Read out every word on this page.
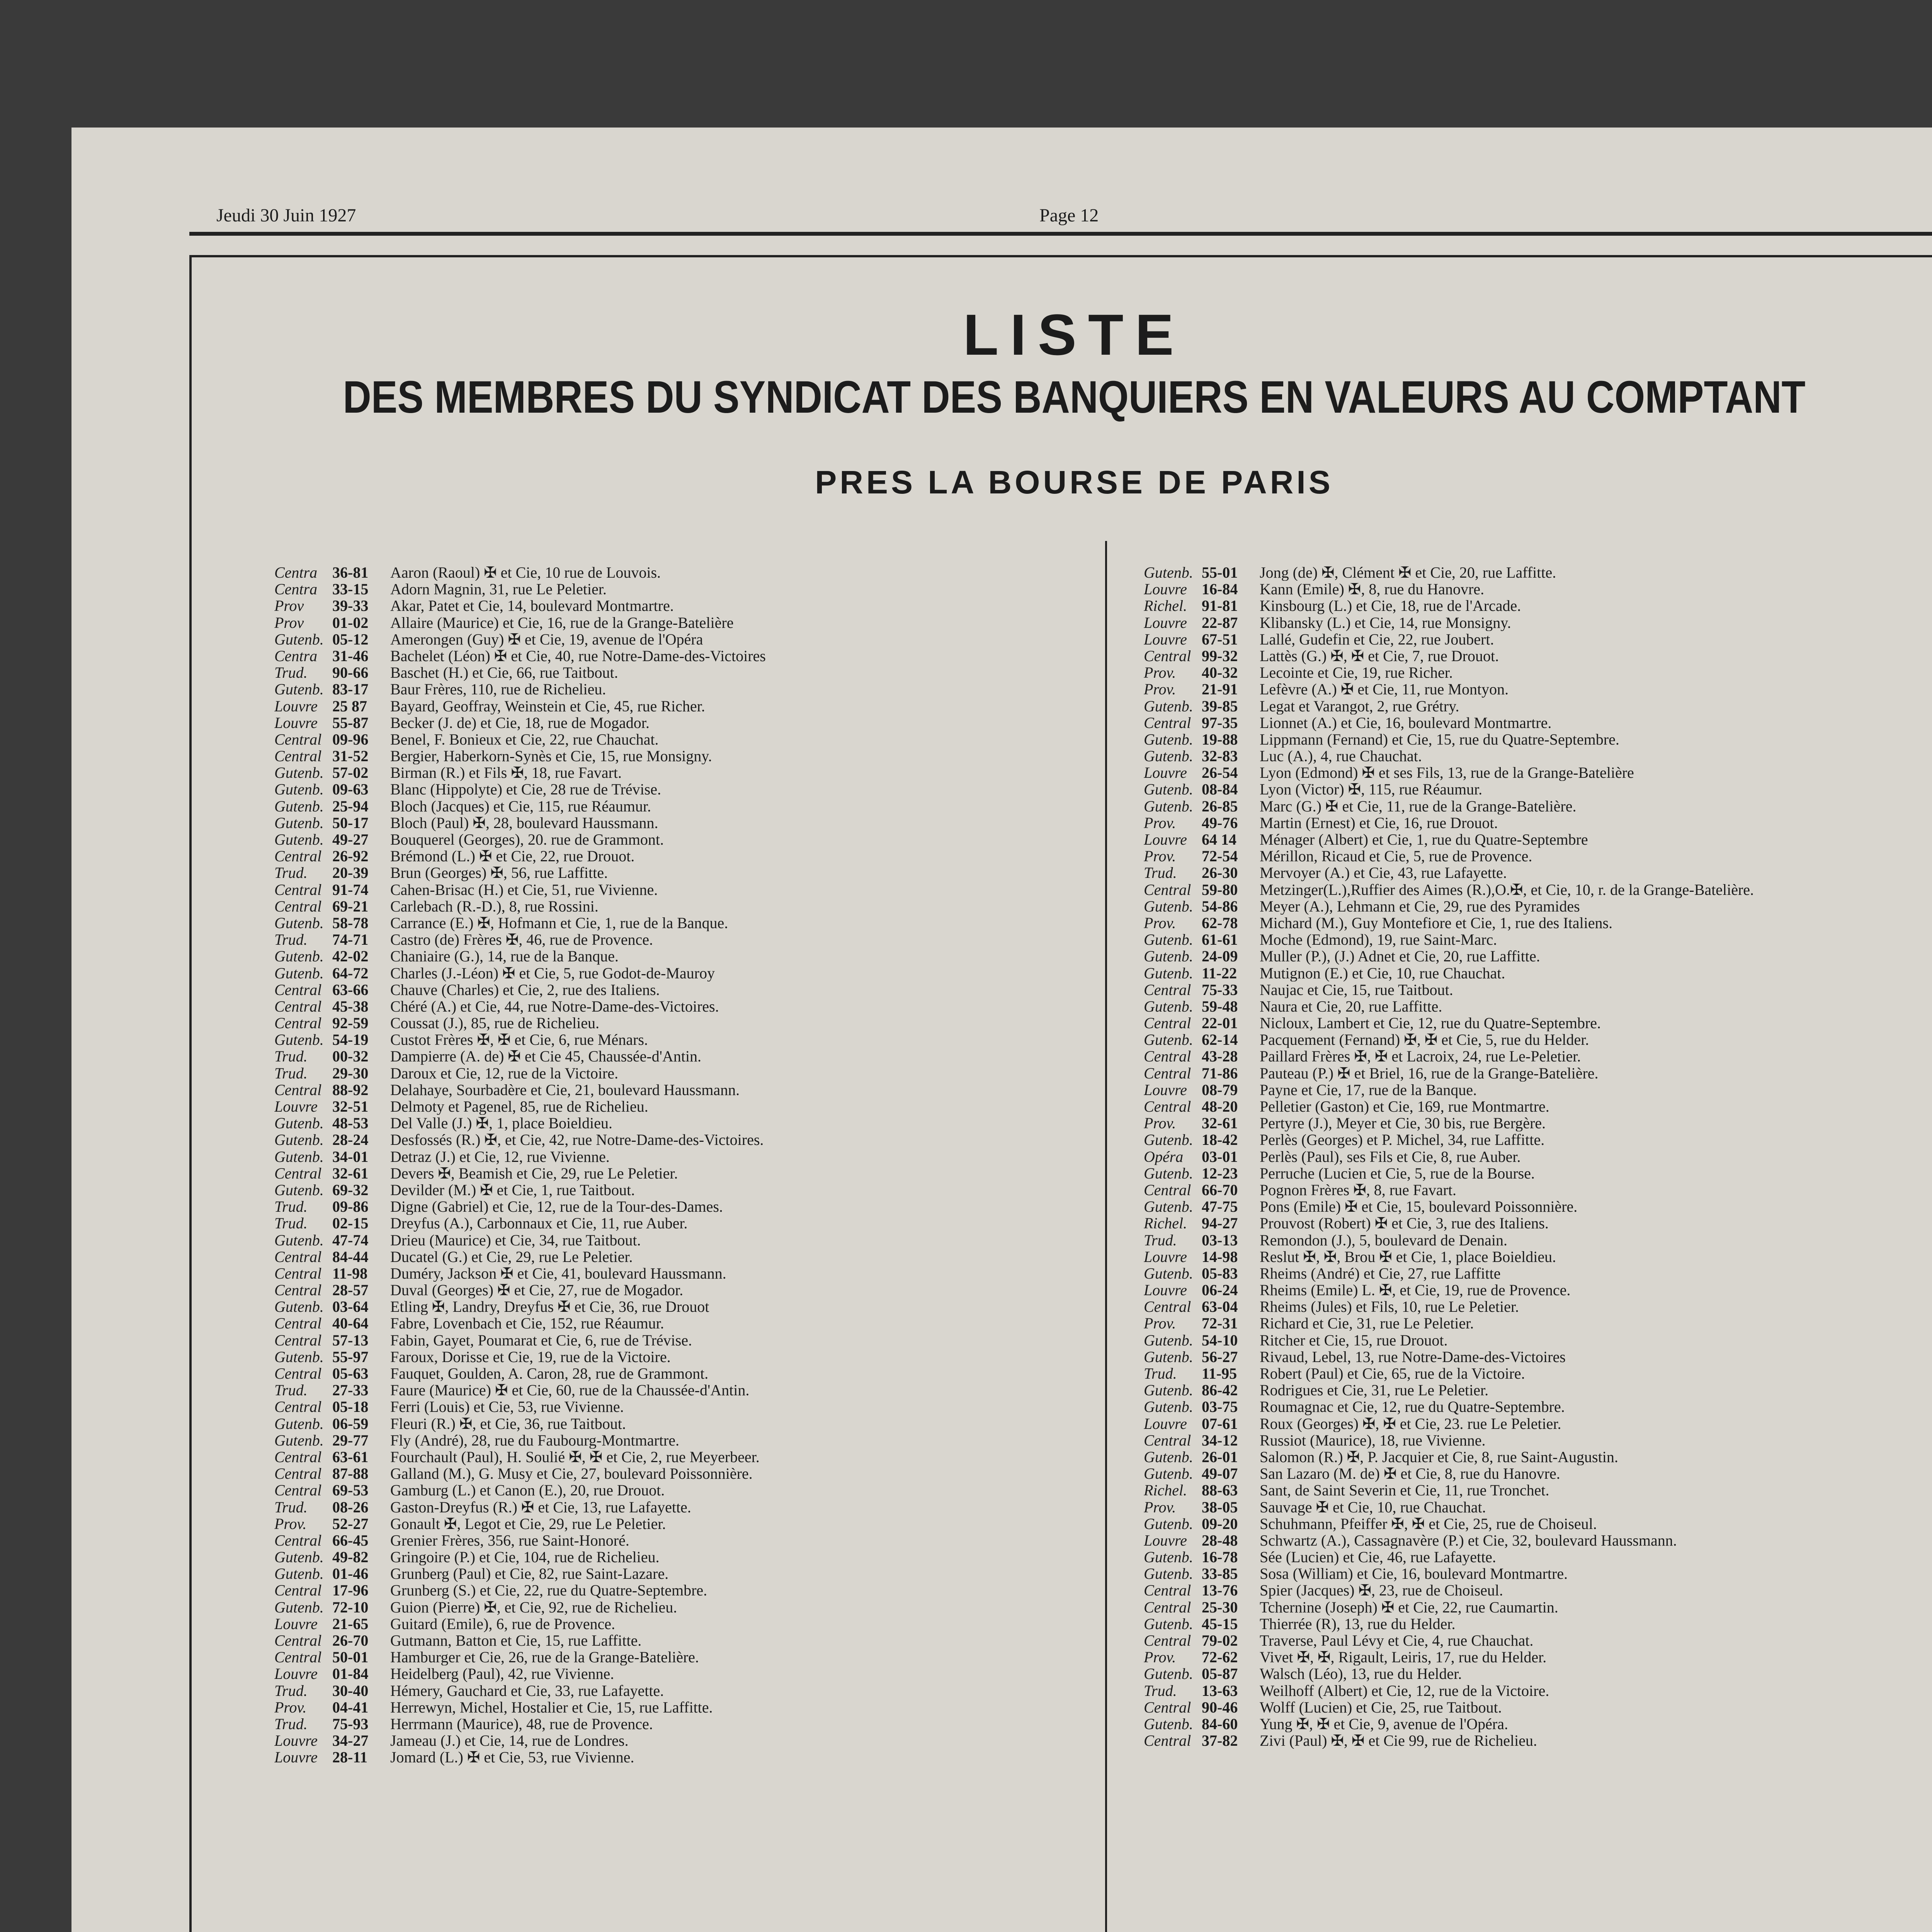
Jeudi 30 Juin 1927	Page 12
LISTE
DES MEMBRES DU SYNDICAT DES BANQUIERS EN VALEURS AU COMPTANT
PRES LA BOURSE DE PARIS
Centra 36-81 Aaron (Raoul) ✠ et Cie, 10 rue de Louvois.
Centra 33-15 Adorn Magnin, 31, rue Le Peletier.
Prov 39-33 Akar, Patet et Cie, 14, boulevard Montmartre.
Prov 01-02 Allaire (Maurice) et Cie, 16, rue de la Grange-Batelière
Gutenb. 05-12 Amerongen (Guy) ✠ et Cie, 19, avenue de l'Opéra
Centra 31-46 Bachelet (Léon) ✠ et Cie, 40, rue Notre-Dame-des-Victoires
Trud. 90-66 Baschet (H.) et Cie, 66, rue Taitbout.
Gutenb. 83-17 Baur Frères, 110, rue de Richelieu.
Louvre 25 87 Bayard, Geoffray, Weinstein et Cie, 45, rue Richer.
Louvre 55-87 Becker (J. de) et Cie, 18, rue de Mogador.
Central 09-96 Benel, F. Bonieux et Cie, 22, rue Chauchat.
Central 31-52 Bergier, Haberkorn-Synès et Cie, 15, rue Monsigny.
Gutenb. 57-02 Birman (R.) et Fils ✠, 18, rue Favart.
Gutenb. 09-63 Blanc (Hippolyte) et Cie, 28 rue de Trévise.
Gutenb. 25-94 Bloch (Jacques) et Cie, 115, rue Réaumur.
Gutenb. 50-17 Bloch (Paul) ✠, 28, boulevard Haussmann.
Gutenb. 49-27 Bouquerel (Georges), 20. rue de Grammont.
Central 26-92 Brémond (L.) ✠ et Cie, 22, rue Drouot.
Trud. 20-39 Brun (Georges) ✠, 56, rue Laffitte.
Central 91-74 Cahen-Brisac (H.) et Cie, 51, rue Vivienne.
Central 69-21 Carlebach (R.-D.), 8, rue Rossini.
Gutenb. 58-78 Carrance (E.) ✠, Hofmann et Cie, 1, rue de la Banque.
Trud. 74-71 Castro (de) Frères ✠, 46, rue de Provence.
Gutenb. 42-02 Chaniaire (G.), 14, rue de la Banque.
Gutenb. 64-72 Charles (J.-Léon) ✠ et Cie, 5, rue Godot-de-Mauroy
Central 63-66 Chauve (Charles) et Cie, 2, rue des Italiens.
Central 45-38 Chéré (A.) et Cie, 44, rue Notre-Dame-des-Victoires.
Central 92-59 Coussat (J.), 85, rue de Richelieu.
Gutenb. 54-19 Custot Frères ✠, ✠ et Cie, 6, rue Ménars.
Trud. 00-32 Dampierre (A. de) ✠ et Cie 45, Chaussée-d'Antin.
Trud. 29-30 Daroux et Cie, 12, rue de la Victoire.
Central 88-92 Delahaye, Sourbadère et Cie, 21, boulevard Haussmann.
Louvre 32-51 Delmoty et Pagenel, 85, rue de Richelieu.
Gutenb. 48-53 Del Valle (J.) ✠, 1, place Boieldieu.
Gutenb. 28-24 Desfossés (R.) ✠, et Cie, 42, rue Notre-Dame-des-Victoires.
Gutenb. 34-01 Detraz (J.) et Cie, 12, rue Vivienne.
Central 32-61 Devers ✠, Beamish et Cie, 29, rue Le Peletier.
Gutenb. 69-32 Devilder (M.) ✠ et Cie, 1, rue Taitbout.
Trud. 09-86 Digne (Gabriel) et Cie, 12, rue de la Tour-des-Dames.
Trud. 02-15 Dreyfus (A.), Carbonnaux et Cie, 11, rue Auber.
Gutenb. 47-74 Drieu (Maurice) et Cie, 34, rue Taitbout.
Central 84-44 Ducatel (G.) et Cie, 29, rue Le Peletier.
Central 11-98 Duméry, Jackson ✠ et Cie, 41, boulevard Haussmann.
Central 28-57 Duval (Georges) ✠ et Cie, 27, rue de Mogador.
Gutenb. 03-64 Etling ✠, Landry, Dreyfus ✠ et Cie, 36, rue Drouot
Central 40-64 Fabre, Lovenbach et Cie, 152, rue Réaumur.
Central 57-13 Fabin, Gayet, Poumarat et Cie, 6, rue de Trévise.
Gutenb. 55-97 Faroux, Dorisse et Cie, 19, rue de la Victoire.
Central 05-63 Fauquet, Goulden, A. Caron, 28, rue de Grammont.
Trud. 27-33 Faure (Maurice) ✠ et Cie, 60, rue de la Chaussée-d'Antin.
Central 05-18 Ferri (Louis) et Cie, 53, rue Vivienne.
Gutenb. 06-59 Fleuri (R.) ✠, et Cie, 36, rue Taitbout.
Gutenb. 29-77 Fly (André), 28, rue du Faubourg-Montmartre.
Central 63-61 Fourchault (Paul), H. Soulié ✠, ✠ et Cie, 2, rue Meyerbeer.
Central 87-88 Galland (M.), G. Musy et Cie, 27, boulevard Poissonnière.
Central 69-53 Gamburg (L.) et Canon (E.), 20, rue Drouot.
Trud. 08-26 Gaston-Dreyfus (R.) ✠ et Cie, 13, rue Lafayette.
Prov. 52-27 Gonault ✠, Legot et Cie, 29, rue Le Peletier.
Central 66-45 Grenier Frères, 356, rue Saint-Honoré.
Gutenb. 49-82 Gringoire (P.) et Cie, 104, rue de Richelieu.
Gutenb. 01-46 Grunberg (Paul) et Cie, 82, rue Saint-Lazare.
Central 17-96 Grunberg (S.) et Cie, 22, rue du Quatre-Septembre.
Gutenb. 72-10 Guion (Pierre) ✠, et Cie, 92, rue de Richelieu.
Louvre 21-65 Guitard (Emile), 6, rue de Provence.
Central 26-70 Gutmann, Batton et Cie, 15, rue Laffitte.
Central 50-01 Hamburger et Cie, 26, rue de la Grange-Batelière.
Louvre 01-84 Heidelberg (Paul), 42, rue Vivienne.
Trud. 30-40 Hémery, Gauchard et Cie, 33, rue Lafayette.
Prov. 04-41 Herrewyn, Michel, Hostalier et Cie, 15, rue Laffitte.
Trud. 75-93 Herrmann (Maurice), 48, rue de Provence.
Louvre 34-27 Jameau (J.) et Cie, 14, rue de Londres.
Louvre 28-11 Jomard (L.) ✠ et Cie, 53, rue Vivienne.
Gutenb. 55-01 Jong (de) ✠, Clément ✠ et Cie, 20, rue Laffitte.
Louvre 16-84 Kann (Emile) ✠, 8, rue du Hanovre.
Richel. 91-81 Kinsbourg (L.) et Cie, 18, rue de l'Arcade.
Louvre 22-87 Klibansky (L.) et Cie, 14, rue Monsigny.
Louvre 67-51 Lallé, Gudefin et Cie, 22, rue Joubert.
Central 99-32 Lattès (G.) ✠, ✠ et Cie, 7, rue Drouot.
Prov. 40-32 Lecointe et Cie, 19, rue Richer.
Prov. 21-91 Lefèvre (A.) ✠ et Cie, 11, rue Montyon.
Gutenb. 39-85 Legat et Varangot, 2, rue Grétry.
Central 97-35 Lionnet (A.) et Cie, 16, boulevard Montmartre.
Gutenb. 19-88 Lippmann (Fernand) et Cie, 15, rue du Quatre-Septembre.
Gutenb. 32-83 Luc (A.), 4, rue Chauchat.
Louvre 26-54 Lyon (Edmond) ✠ et ses Fils, 13, rue de la Grange-Batelière
Gutenb. 08-84 Lyon (Victor) ✠, 115, rue Réaumur.
Gutenb. 26-85 Marc (G.) ✠ et Cie, 11, rue de la Grange-Batelière.
Prov. 49-76 Martin (Ernest) et Cie, 16, rue Drouot.
Louvre 64 14 Ménager (Albert) et Cie, 1, rue du Quatre-Septembre
Prov. 72-54 Mérillon, Ricaud et Cie, 5, rue de Provence.
Trud. 26-30 Mervoyer (A.) et Cie, 43, rue Lafayette.
Central 59-80 Metzinger(L.),Ruffier des Aimes (R.),O.✠, et Cie, 10, r. de la Grange-Batelière.
Gutenb. 54-86 Meyer (A.), Lehmann et Cie, 29, rue des Pyramides
Prov. 62-78 Michard (M.), Guy Montefiore et Cie, 1, rue des Italiens.
Gutenb. 61-61 Moche (Edmond), 19, rue Saint-Marc.
Gutenb. 24-09 Muller (P.), (J.) Adnet et Cie, 20, rue Laffitte.
Gutenb. 11-22 Mutignon (E.) et Cie, 10, rue Chauchat.
Central 75-33 Naujac et Cie, 15, rue Taitbout.
Gutenb. 59-48 Naura et Cie, 20, rue Laffitte.
Central 22-01 Nicloux, Lambert et Cie, 12, rue du Quatre-Septembre.
Gutenb. 62-14 Pacquement (Fernand) ✠, ✠ et Cie, 5, rue du Helder.
Central 43-28 Paillard Frères ✠, ✠ et Lacroix, 24, rue Le-Peletier.
Central 71-86 Pauteau (P.) ✠ et Briel, 16, rue de la Grange-Batelière.
Louvre 08-79 Payne et Cie, 17, rue de la Banque.
Central 48-20 Pelletier (Gaston) et Cie, 169, rue Montmartre.
Prov. 32-61 Pertyre (J.), Meyer et Cie, 30 bis, rue Bergère.
Gutenb. 18-42 Perlès (Georges) et P. Michel, 34, rue Laffitte.
Opéra 03-01 Perlès (Paul), ses Fils et Cie, 8, rue Auber.
Gutenb. 12-23 Perruche (Lucien et Cie, 5, rue de la Bourse.
Central 66-70 Pognon Frères ✠, 8, rue Favart.
Gutenb. 47-75 Pons (Emile) ✠ et Cie, 15, boulevard Poissonnière.
Richel. 94-27 Prouvost (Robert) ✠ et Cie, 3, rue des Italiens.
Trud. 03-13 Remondon (J.), 5, boulevard de Denain.
Louvre 14-98 Reslut ✠, ✠, Brou ✠ et Cie, 1, place Boieldieu.
Gutenb. 05-83 Rheims (André) et Cie, 27, rue Laffitte
Louvre 06-24 Rheims (Emile) L. ✠, et Cie, 19, rue de Provence.
Central 63-04 Rheims (Jules) et Fils, 10, rue Le Peletier.
Prov. 72-31 Richard et Cie, 31, rue Le Peletier.
Gutenb. 54-10 Ritcher et Cie, 15, rue Drouot.
Gutenb. 56-27 Rivaud, Lebel, 13, rue Notre-Dame-des-Victoires
Trud. 11-95 Robert (Paul) et Cie, 65, rue de la Victoire.
Gutenb. 86-42 Rodrigues et Cie, 31, rue Le Peletier.
Gutenb. 03-75 Roumagnac et Cie, 12, rue du Quatre-Septembre.
Louvre 07-61 Roux (Georges) ✠, ✠ et Cie, 23. rue Le Peletier.
Central 34-12 Russiot (Maurice), 18, rue Vivienne.
Gutenb. 26-01 Salomon (R.) ✠, P. Jacquier et Cie, 8, rue Saint-Augustin.
Gutenb. 49-07 San Lazaro (M. de) ✠ et Cie, 8, rue du Hanovre.
Richel. 88-63 Sant, de Saint Severin et Cie, 11, rue Tronchet.
Prov. 38-05 Sauvage ✠ et Cie, 10, rue Chauchat.
Gutenb. 09-20 Schuhmann, Pfeiffer ✠, ✠ et Cie, 25, rue de Choiseul.
Louvre 28-48 Schwartz (A.), Cassagnavère (P.) et Cie, 32, boulevard Haussmann.
Gutenb. 16-78 Sée (Lucien) et Cie, 46, rue Lafayette.
Gutenb. 33-85 Sosa (William) et Cie, 16, boulevard Montmartre.
Central 13-76 Spier (Jacques) ✠, 23, rue de Choiseul.
Central 25-30 Tchernine (Joseph) ✠ et Cie, 22, rue Caumartin.
Gutenb. 45-15 Thierrée (R), 13, rue du Helder.
Central 79-02 Traverse, Paul Lévy et Cie, 4, rue Chauchat.
Prov. 72-62 Vivet ✠, ✠, Rigault, Leiris, 17, rue du Helder.
Gutenb. 05-87 Walsch (Léo), 13, rue du Helder.
Trud. 13-63 Weilhoff (Albert) et Cie, 12, rue de la Victoire.
Central 90-46 Wolff (Lucien) et Cie, 25, rue Taitbout.
Gutenb. 84-60 Yung ✠, ✠ et Cie, 9, avenue de l'Opéra.
Central 37-82 Zivi (Paul) ✠, ✠ et Cie 99, rue de Richelieu.
